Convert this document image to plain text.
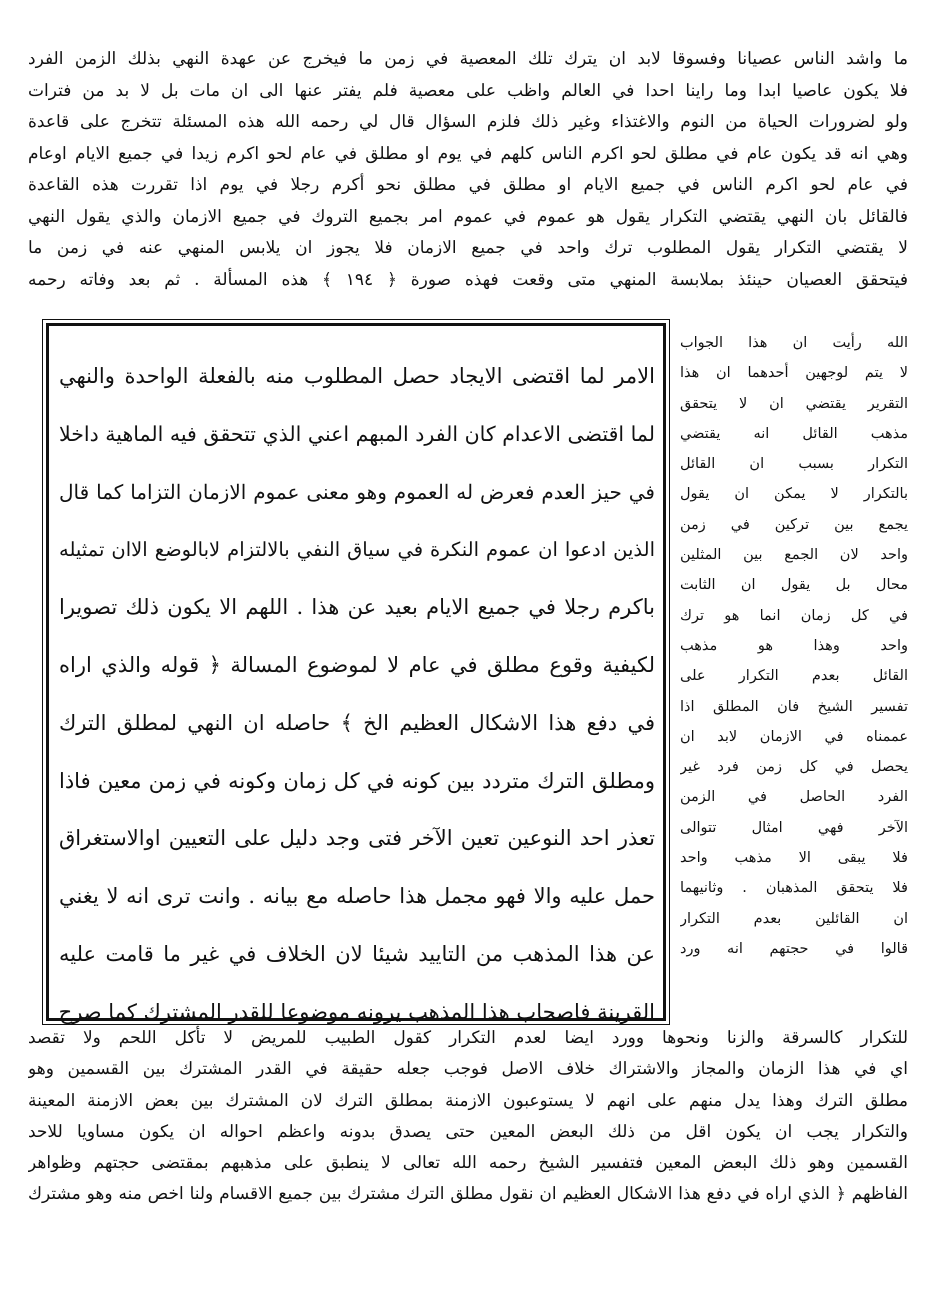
ما واشد الناس عصيانا وفسوقا لابد ان يترك تلك المعصية في زمن ما فيخرج عن عهدة النهي بذلك الزمن الفرد
فلا يكون عاصيا ابدا وما راينا احدا في العالم واظب على معصية فلم يفتر عنها الى ان مات بل لا بد من فترات
ولو لضرورات الحياة من النوم والاغتذاء وغير ذلك فلزم السؤال قال لي رحمه الله هذه المسئلة تتخرج على قاعدة
وهي انه قد يكون عام في مطلق لحو اكرم الناس كلهم في يوم او مطلق في عام لحو اكرم زيدا في جميع الايام اوعام
في عام لحو اكرم الناس في جميع الايام او مطلق في مطلق نحو أكرم رجلا في يوم اذا تقررت هذه القاعدة
فالقائل بان النهي يقتضي التكرار يقول هو عموم في عموم امر بجميع التروك في جميع الازمان والذي يقول النهي
لا يقتضي التكرار يقول المطلوب ترك واحد في جميع الازمان فلا يجوز ان يلابس المنهي عنه في زمن ما
فيتحقق العصيان حينئذ بملابسة المنهي متى وقعت فهذه صورة ﴿ ١٩٤ ﴾ هذه المسألة . ثم بعد وفاته رحمه
الله رأيت ان هذا الجواب
لا يتم لوجهين أحدهما ان هذا
التقرير يقتضي ان لا يتحقق
مذهب القائل انه يقتضي
التكرار بسبب ان القائل
بالتكرار لا يمكن ان يقول
يجمع بين تركين في زمن
واحد لان الجمع بين المثلين
محال بل يقول ان الثابت
في كل زمان انما هو ترك
واحد وهذا هو مذهب
القائل بعدم التكرار على
تفسير الشيخ فان المطلق اذا
عممناه في الازمان لابد ان
يحصل في كل زمن فرد غير
الفرد الحاصل في الزمن
الآخر فهي امثال تتوالى
فلا يبقى الا مذهب واحد
فلا يتحقق المذهبان . وثانيهما
ان القائلين بعدم التكرار
قالوا في حجتهم انه ورد
الامر لما اقتضى الايجاد حصل المطلوب منه بالفعلة الواحدة والنهي
لما اقتضى الاعدام كان الفرد المبهم اعني الذي تتحقق فيه الماهية داخلا
في حيز العدم فعرض له العموم وهو معنى عموم الازمان التزاما كما قال
الذين ادعوا ان عموم النكرة في سياق النفي بالالتزام لابالوضع الاان تمثيله
باكرم رجلا في جميع الايام بعيد عن هذا . اللهم الا يكون ذلك تصويرا
لكيفية وقوع مطلق في عام لا لموضوع المسالة ﴿ قوله والذي اراه
في دفع هذا الاشكال العظيم الخ ﴾ حاصله ان النهي لمطلق الترك
ومطلق الترك متردد بين كونه في كل زمان وكونه في زمن معين فاذا
تعذر احد النوعين تعين الآخر فتى وجد دليل على التعيين اوالاستغراق
حمل عليه والا فهو مجمل هذا حاصله مع بيانه . وانت ترى انه لا يغني
عن هذا المذهب من التاييد شيئا لان الخلاف في غير ما قامت عليه
القرينة فاصحاب هذا المذهب يرونه موضوعا للقدر المشترك كما صرح
للتكرار كالسرقة والزنا ونحوها وورد ايضا لعدم التكرار كقول الطبيب للمريض لا تأكل اللحم ولا تقصد
اي في هذا الزمان والمجاز والاشتراك خلاف الاصل فوجب جعله حقيقة في القدر المشترك بين القسمين وهو
مطلق الترك وهذا يدل منهم على انهم لا يستوعبون الازمنة بمطلق الترك لان المشترك بين بعض الازمنة المعينة
والتكرار يجب ان يكون اقل من ذلك البعض المعين حتى يصدق بدونه واعظم احواله ان يكون مساويا للاحد
القسمين وهو ذلك البعض المعين فتفسير الشيخ رحمه الله تعالى لا ينطبق على مذهبهم بمقتضى حجتهم وظواهر
الفاظهم ﴿ الذي اراه في دفع هذا الاشكال العظيم ان نقول مطلق الترك مشترك بين جميع الاقسام ولنا اخص منه وهو مشترك
